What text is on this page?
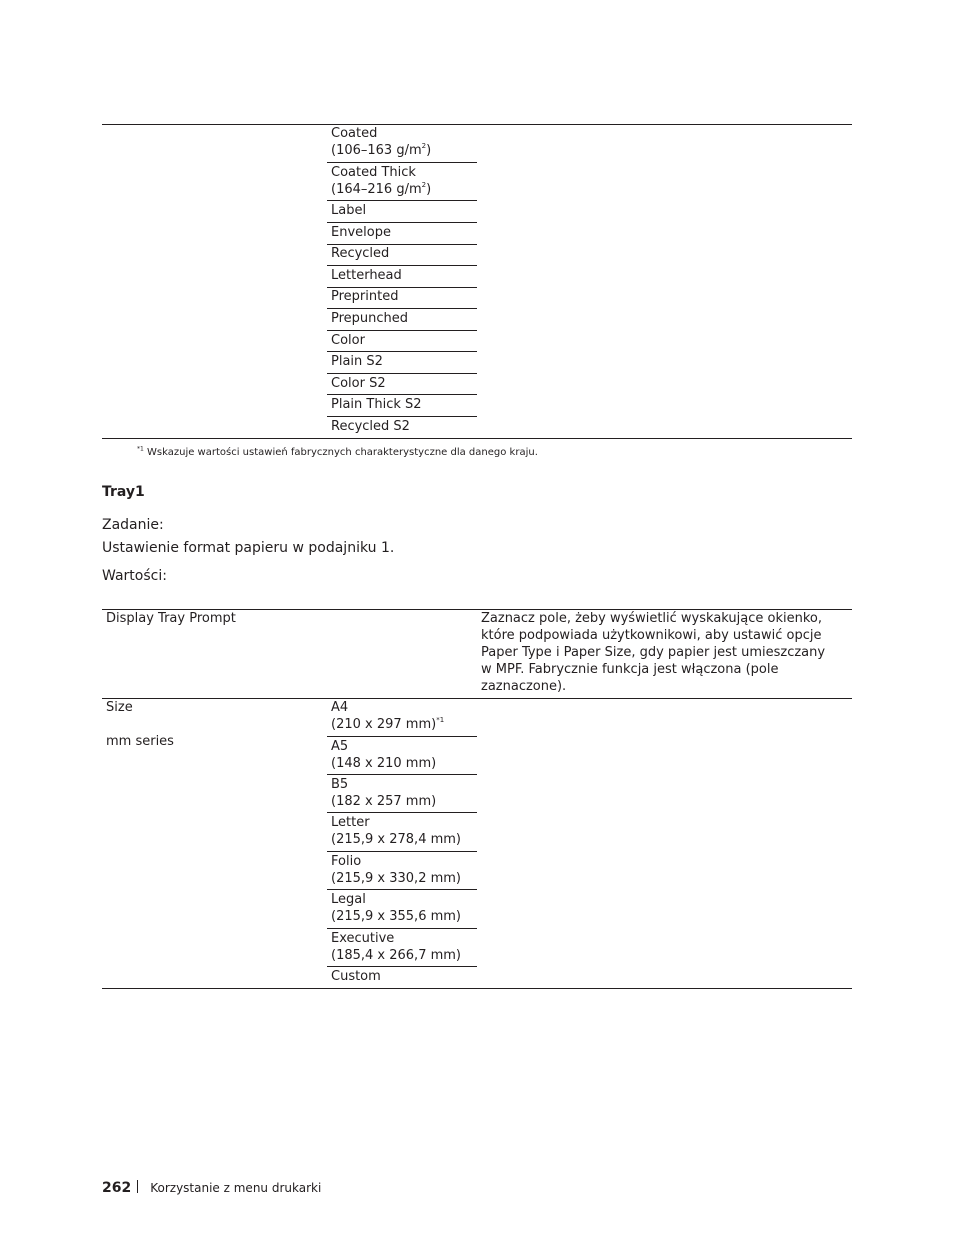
Coated
(106–163 $g/m^2$)
Coated Thick
(164–216 $g/m^2$)
Label
Envelope
Recycled
Letterhead
Preprinted
Prepunched
Color
Plain S2
Color S2
Plain Thick S2
Recycled S2
$^{*1}$ Wskazuje wartości ustawień fabrycznych charakterystyczne dla danego kraju.
Tray1
Zadanie:
Ustawienie format papieru w podajniku 1.
Wartości:
Display Tray Prompt	Zaznacz pole, żeby wyświetlić wyskakujące okienko,
które podpowiada użytkownikowi, aby ustawić opcje
Paper Type i Paper Size, gdy papier jest umieszczany
w MPF. Fabrycznie funkcja jest włączona (pole
zaznaczone).
Size
mm series
A4
(210 x 297 mm)$^{*1}$
A5
(148 x 210 mm)
B5
(182 x 257 mm)
Letter
(215,9 x 278,4 mm)
Folio
(215,9 x 330,2 mm)
Legal
(215,9 x 355,6 mm)
Executive
(185,4 x 266,7 mm)
Custom
262 Korzystanie z menu drukarki
